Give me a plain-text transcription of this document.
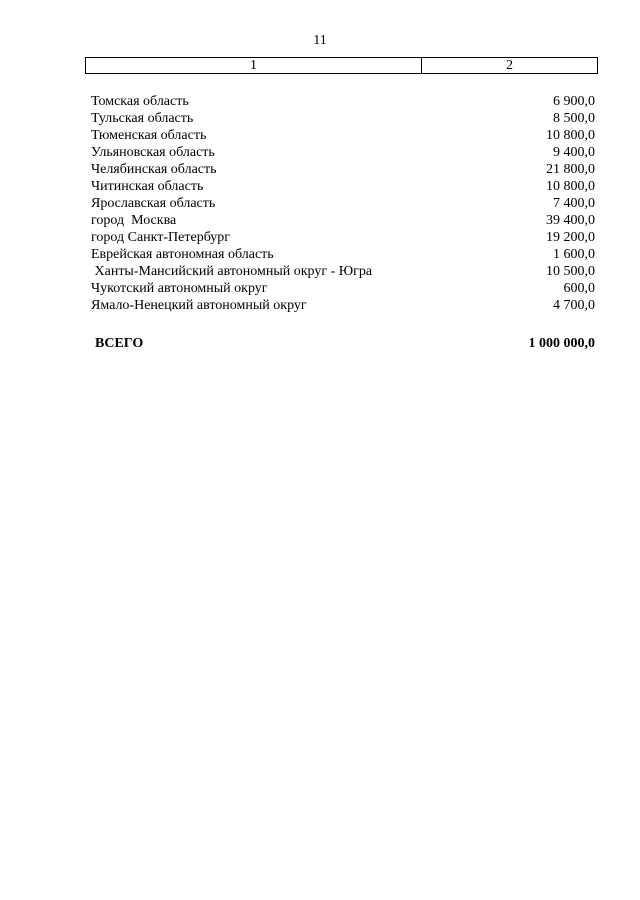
11
1	2
Томская область	6 900,0
Тульская область	8 500,0
Тюменская область	10 800,0
Ульяновская область	9 400,0
Челябинская область	21 800,0
Читинская область	10 800,0
Ярославская область	7 400,0
город  Москва	39 400,0
город Санкт-Петербург	19 200,0
Еврейская автономная область	1 600,0
Ханты-Мансийский автономный округ - Югра	10 500,0
Чукотский автономный округ	600,0
Ямало-Ненецкий автономный округ	4 700,0
ВСЕГО	1 000 000,0
